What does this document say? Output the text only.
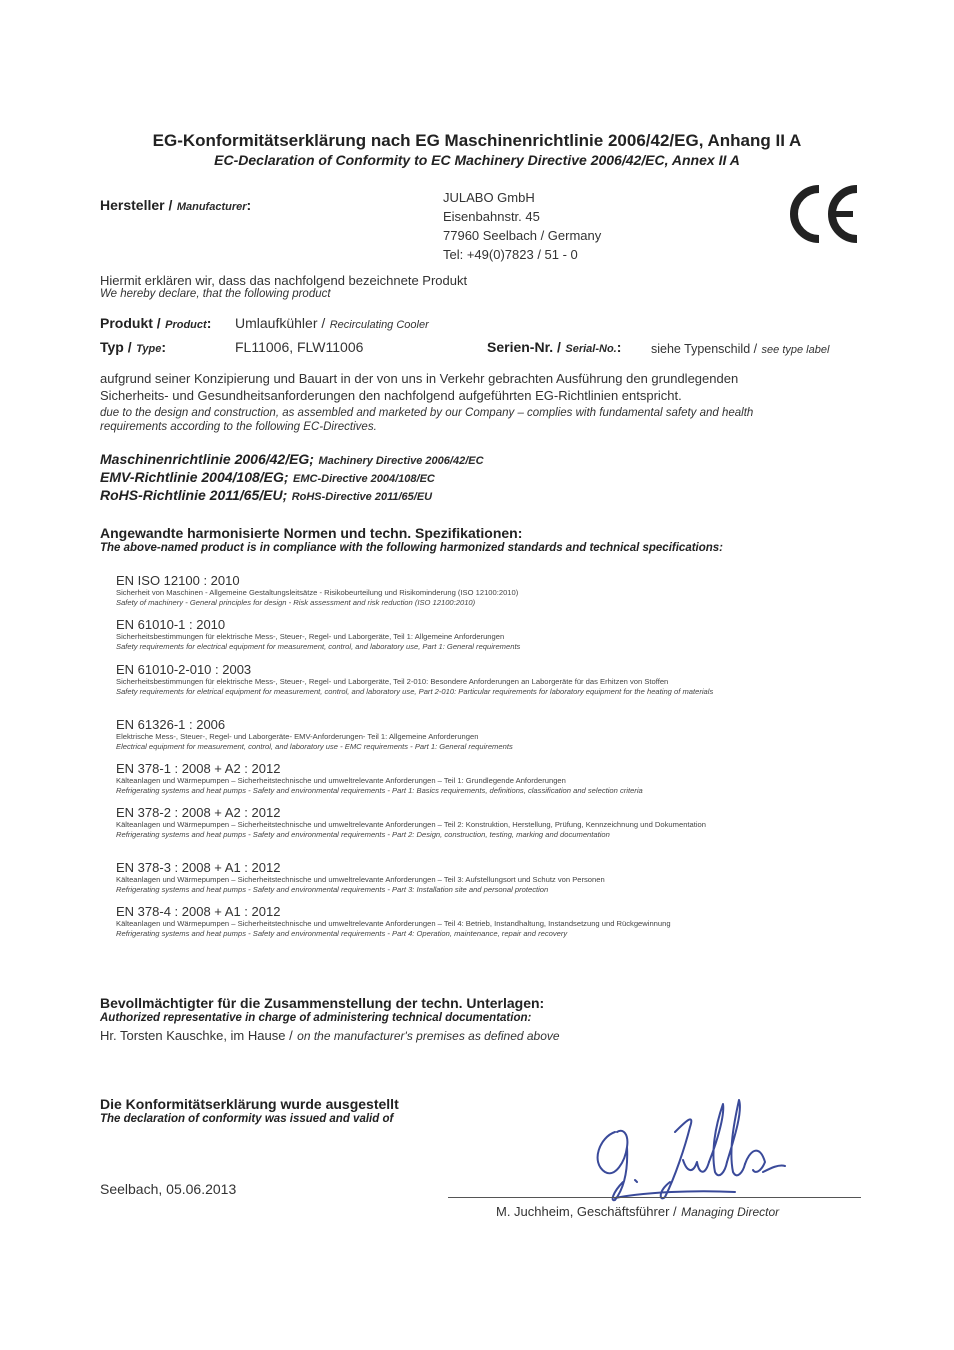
EG-Konformitätserklärung nach EG Maschinenrichtlinie 2006/42/EG, Anhang II A
EC-Declaration of Conformity to EC Machinery Directive 2006/42/EC, Annex II A
Hersteller / Manufacturer:	JULABO GmbH
Eisenbahnstr. 45
77960 Seelbach / Germany
Tel: +49(0)7823 / 51 - 0
Hiermit erklären wir, dass das nachfolgend bezeichnete Produkt
We hereby declare, that the following product
Produkt / Product: Umlaufkühler / Recirculating Cooler
Typ / Type:	FL11006, FLW11006	Serien-Nr. / Serial-No.: siehe Typenschild / see type label
aufgrund seiner Konzipierung und Bauart in der von uns in Verkehr gebrachten Ausführung den grundlegenden
Sicherheits- und Gesundheitsanforderungen den nachfolgend aufgeführten EG-Richtlinien entspricht.
due to the design and construction, as assembled and marketed by our Company – complies with fundamental safety and health
requirements according to the following EC-Directives.
Maschinenrichtlinie 2006/42/EG; Machinery Directive 2006/42/EC
EMV-Richtlinie 2004/108/EG; EMC-Directive 2004/108/EC
RoHS-Richtlinie 2011/65/EU; RoHS-Directive 2011/65/EU
Angewandte harmonisierte Normen und techn. Spezifikationen:
The above-named product is in compliance with the following harmonized standards and technical specifications:
EN ISO 12100 : 2010
Sicherheit von Maschinen - Allgemeine Gestaltungsleitsätze - Risikobeurteilung und Risikominderung (ISO 12100:2010)
Safety of machinery - General principles for design - Risk assessment and risk reduction (ISO 12100:2010)
EN 61010-1 : 2010
Sicherheitsbestimmungen für elektrische Mess-, Steuer-, Regel- und Laborgeräte, Teil 1: Allgemeine Anforderungen
Safety requirements for electrical equipment for measurement, control, and laboratory use, Part 1: General requirements
EN 61010-2-010 : 2003
Sicherheitsbestimmungen für elektrische Mess-, Steuer-, Regel- und Laborgeräte, Teil 2-010: Besondere Anforderungen an Laborgeräte für das Erhitzen von Stoffen
Safety requirements for eletrical equipment for measurement, control, and laboratory use, Part 2-010: Particular requirements for laboratory equipment for the heating of materials
EN 61326-1 : 2006
Elektrische Mess-, Steuer-, Regel- und Laborgeräte- EMV-Anforderungen- Teil 1: Allgemeine Anforderungen
Electrical equipment for measurement, control, and laboratory use - EMC requirements - Part 1: General requirements
EN 378-1 : 2008 + A2 : 2012
Kälteanlagen und Wärmepumpen – Sicherheitstechnische und umweltrelevante Anforderungen – Teil 1: Grundlegende Anforderungen
Refrigerating systems and heat pumps - Safety and environmental requirements - Part 1: Basics requirements, definitions, classification and selection criteria
EN 378-2 : 2008 + A2 : 2012
Kälteanlagen und Wärmepumpen – Sicherheitstechnische und umweltrelevante Anforderungen – Teil 2: Konstruktion, Herstellung, Prüfung, Kennzeichnung und Dokumentation
Refrigerating systems and heat pumps - Safety and environmental requirements - Part 2: Design, construction, testing, marking and documentation
EN 378-3 : 2008 + A1 : 2012
Kälteanlagen und Wärmepumpen – Sicherheitstechnische und umweltrelevante Anforderungen – Teil 3: Aufstellungsort und Schutz von Personen
Refrigerating systems and heat pumps - Safety and environmental requirements - Part 3: Installation site and personal protection
EN 378-4 : 2008 + A1 : 2012
Kälteanlagen und Wärmepumpen – Sicherheitstechnische und umweltrelevante Anforderungen – Teil 4: Betrieb, Instandhaltung, Instandsetzung und Rückgewinnung
Refrigerating systems and heat pumps - Safety and environmental requirements - Part 4: Operation, maintenance, repair and recovery
Bevollmächtigter für die Zusammenstellung der techn. Unterlagen:
Authorized representative in charge of administering technical documentation:
Hr. Torsten Kauschke, im Hause / on the manufacturer's premises as defined above
Die Konformitätserklärung wurde ausgestellt
The declaration of conformity was issued and valid of
Seelbach, 05.06.2013
M. Juchheim, Geschäftsführer / Managing Director
